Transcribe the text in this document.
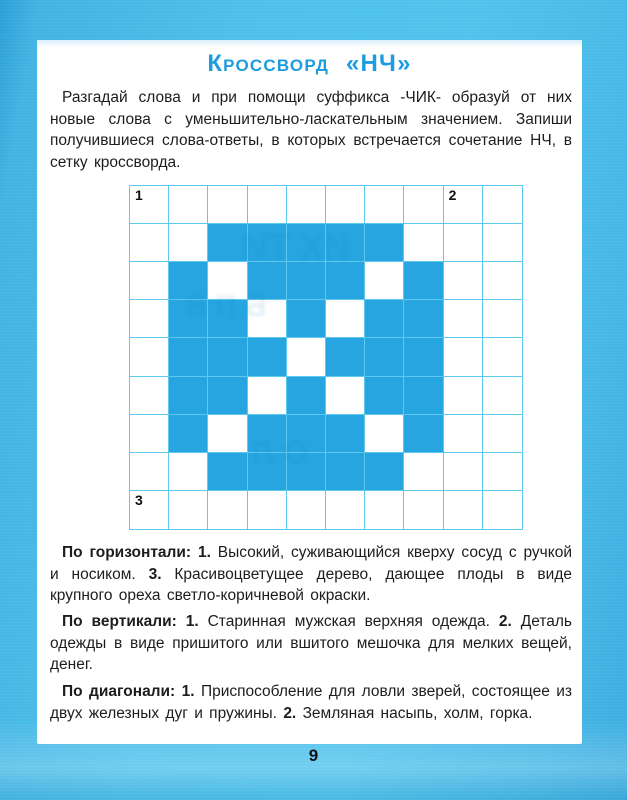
Кроссворд «НЧ»

Разгадай слова и при помощи суффикса -ЧИК- образуй от них новые слова с уменьшительно-ласкательным значением. Запиши получившиеся слова-ответы, в которых встречается сочетание НЧ, в сетку кроссворда.

1	2
3

По горизонтали: 1. Высокий, суживающийся кверху сосуд с ручкой и носиком. 3. Красивоцветущее дерево, дающее плоды в виде крупного ореха светло-коричневой окраски.

По вертикали: 1. Старинная мужская верхняя одежда. 2. Деталь одежды в виде пришитого или вшитого мешочка для мелких вещей, денег.

По диагонали: 1. Приспособление для ловли зверей, состоящее из двух железных дуг и пружины. 2. Земляная насыпь, холм, горка.

9
